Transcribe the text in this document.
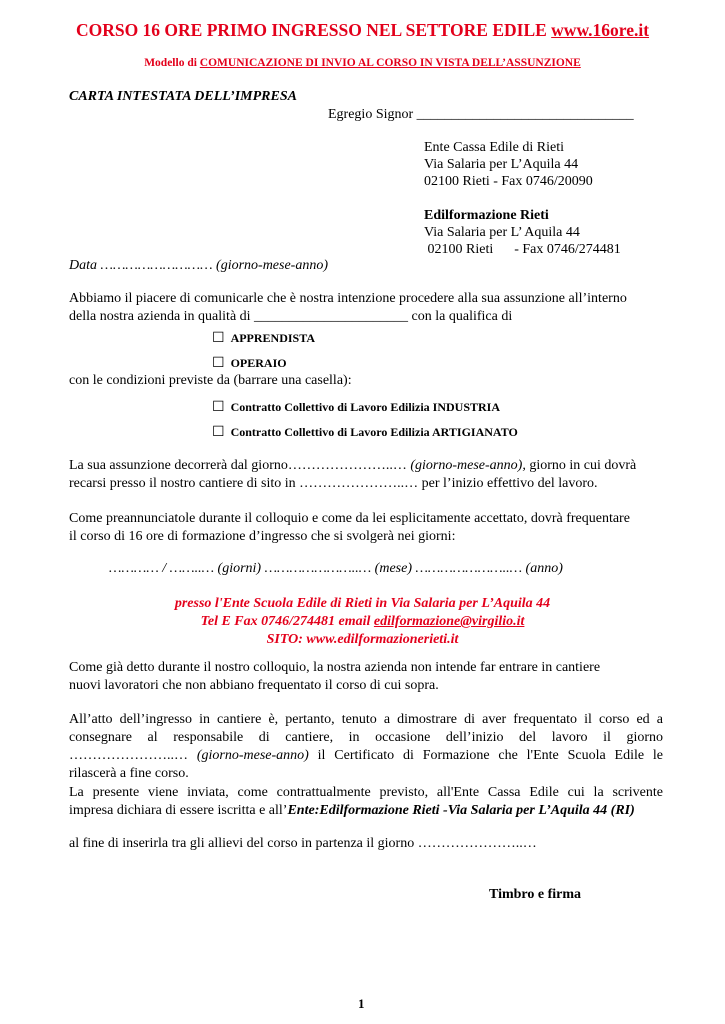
CORSO 16 ORE PRIMO INGRESSO NEL SETTORE EDILE www.16ore.it
Modello di COMUNICAZIONE DI INVIO AL CORSO IN VISTA DELL’ASSUNZIONE
CARTA INTESTATA DELL’IMPRESA
Egregio Signor _______________________________
Ente Cassa Edile di Rieti
Via Salaria per L’Aquila 44
02100 Rieti - Fax 0746/20090
Edilformazione Rieti
Via Salaria per L’ Aquila 44
02100 Rieti      - Fax 0746/274481
Data ……………………… (giorno-mese-anno)
Abbiamo il piacere di comunicarle che è nostra intenzione procedere alla sua assunzione all’interno
della nostra azienda in qualità di ______________________ con la qualifica di
☐ APPRENDISTA
☐ OPERAIO
con le condizioni previste da (barrare una casella):
☐ Contratto Collettivo di Lavoro Edilizia INDUSTRIA
☐ Contratto Collettivo di Lavoro Edilizia ARTIGIANATO
La sua assunzione decorrerà dal giorno…………………..… (giorno-mese-anno), giorno in cui dovrà
recarsi presso il nostro cantiere di sito in …………………..… per l’inizio effettivo del lavoro.
Come preannunciatole durante il colloquio e come da lei esplicitamente accettato, dovrà frequentare
il corso di 16 ore di formazione d’ingresso che si svolgerà nei giorni:
………… / ……..… (giorni) …………………..… (mese) …………………..… (anno)
presso l'Ente Scuola Edile di Rieti in Via Salaria per L’Aquila 44
Tel E Fax 0746/274481 email edilformazione@virgilio.it
SITO: www.edilformazionerieti.it
Come già detto durante il nostro colloquio, la nostra azienda non intende far entrare in cantiere
nuovi lavoratori che non abbiano frequentato il corso di cui sopra.
All’atto dell’ingresso in cantiere è, pertanto, tenuto a dimostrare di aver frequentato il corso ed a
consegnare al responsabile di cantiere, in occasione dell’inizio del lavoro il giorno
…………………..… (giorno-mese-anno) il Certificato di Formazione che l'Ente Scuola Edile le
rilascerà a fine corso.
La presente viene inviata, come contrattualmente previsto, all'Ente Cassa Edile cui la scrivente
impresa dichiara di essere iscritta e all’Ente:Edilformazione Rieti -Via Salaria per L’Aquila 44 (RI)
al fine di inserirla tra gli allievi del corso in partenza il giorno …………………..…
Timbro e firma
1
